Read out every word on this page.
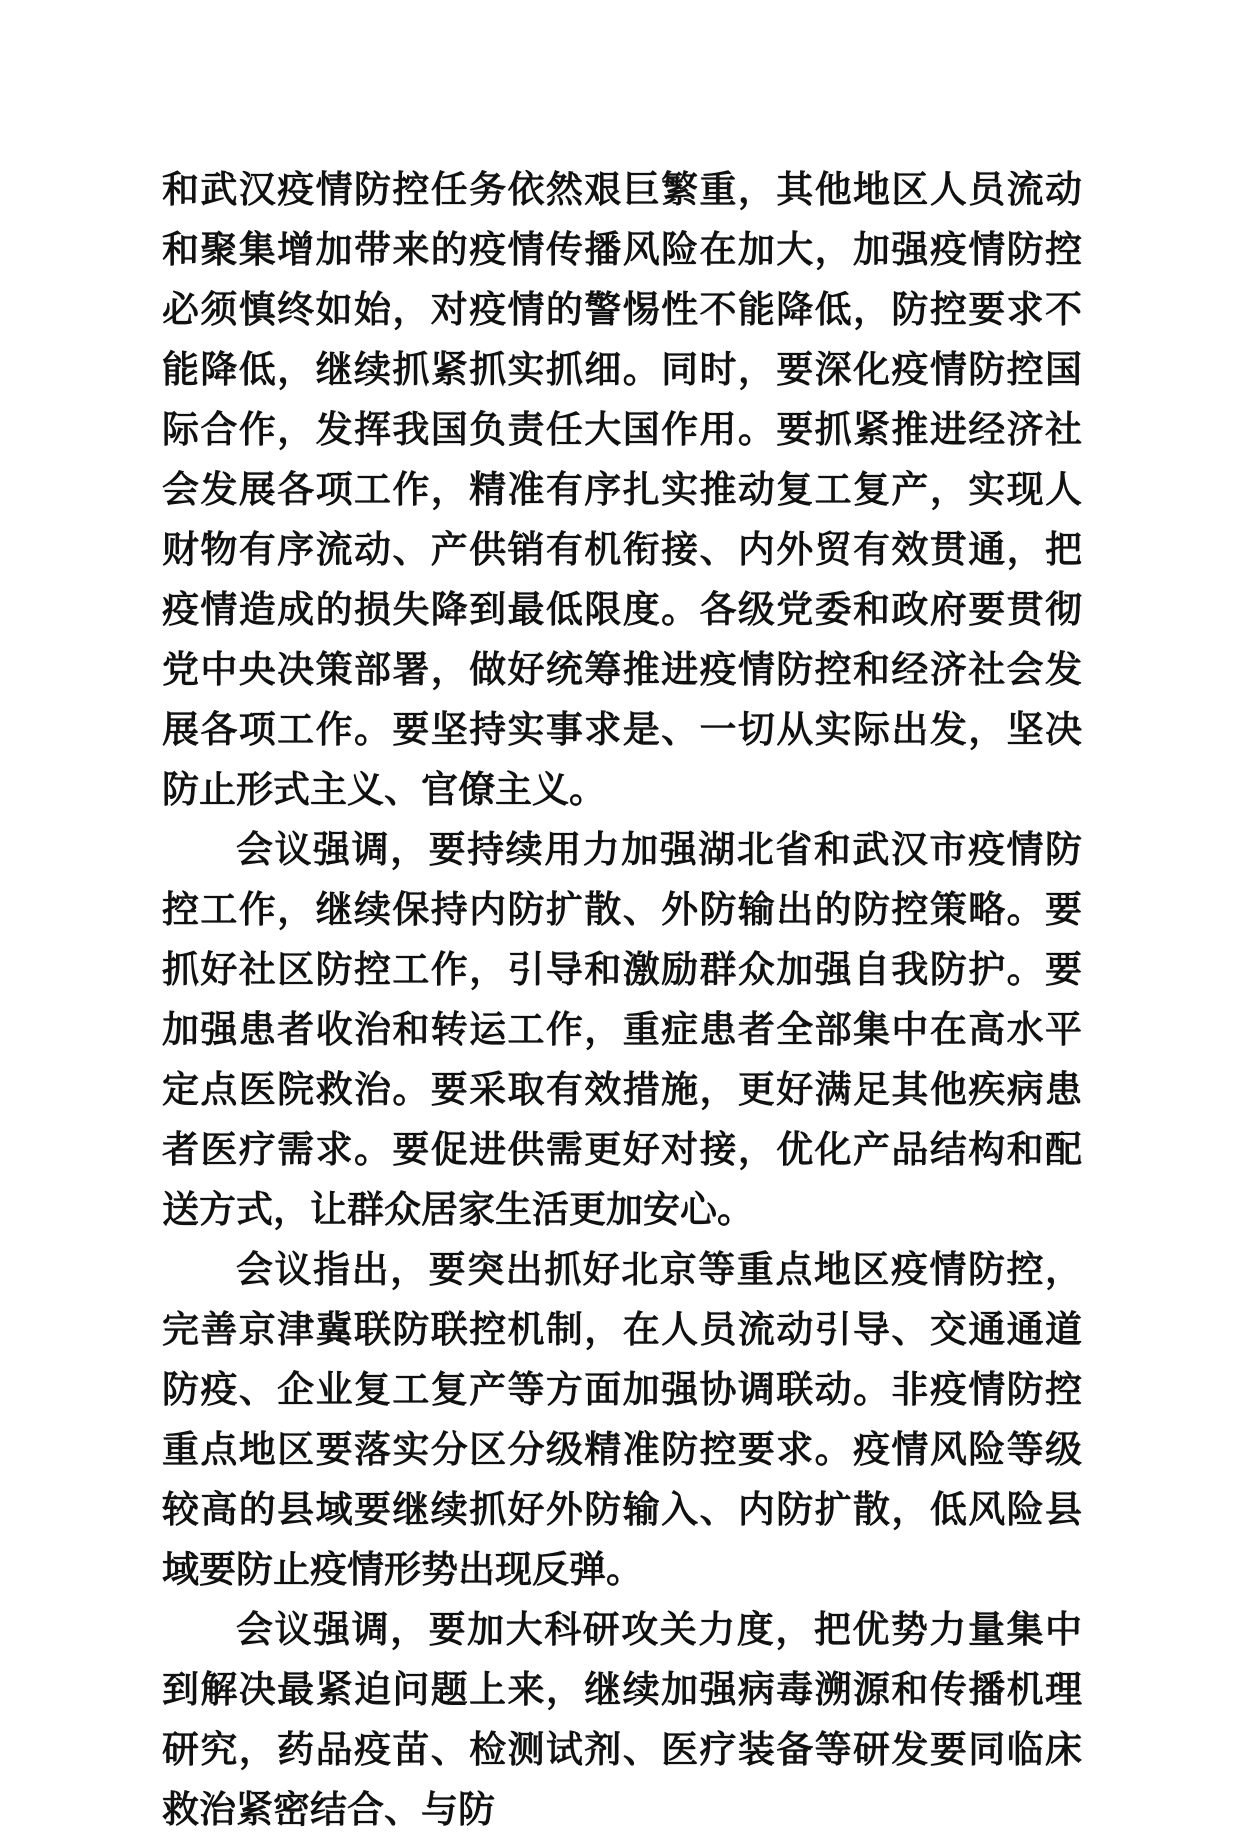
和武汉疫情防控任务依然艰巨繁重，其他地区人员流动和聚集增加带来的疫情传播风险在加大，加强疫情防控必须慎终如始，对疫情的警惕性不能降低，防控要求不能降低，继续抓紧抓实抓细。同时，要深化疫情防控国际合作，发挥我国负责任大国作用。要抓紧推进经济社会发展各项工作，精准有序扎实推动复工复产，实现人财物有序流动、产供销有机衔接、内外贸有效贯通，把疫情造成的损失降到最低限度。各级党委和政府要贯彻党中央决策部署，做好统筹推进疫情防控和经济社会发展各项工作。要坚持实事求是、一切从实际出发，坚决防止形式主义、官僚主义。

会议强调，要持续用力加强湖北省和武汉市疫情防控工作，继续保持内防扩散、外防输出的防控策略。要抓好社区防控工作，引导和激励群众加强自我防护。要加强患者收治和转运工作，重症患者全部集中在高水平定点医院救治。要采取有效措施，更好满足其他疾病患者医疗需求。要促进供需更好对接，优化产品结构和配送方式，让群众居家生活更加安心。

会议指出，要突出抓好北京等重点地区疫情防控，完善京津冀联防联控机制，在人员流动引导、交通通道防疫、企业复工复产等方面加强协调联动。非疫情防控重点地区要落实分区分级精准防控要求。疫情风险等级较高的县域要继续抓好外防输入、内防扩散，低风险县域要防止疫情形势出现反弹。

会议强调，要加大科研攻关力度，把优势力量集中到解决最紧迫问题上来，继续加强病毒溯源和传播机理研究，药品疫苗、检测试剂、医疗装备等研发要同临床救治紧密结合、与防
